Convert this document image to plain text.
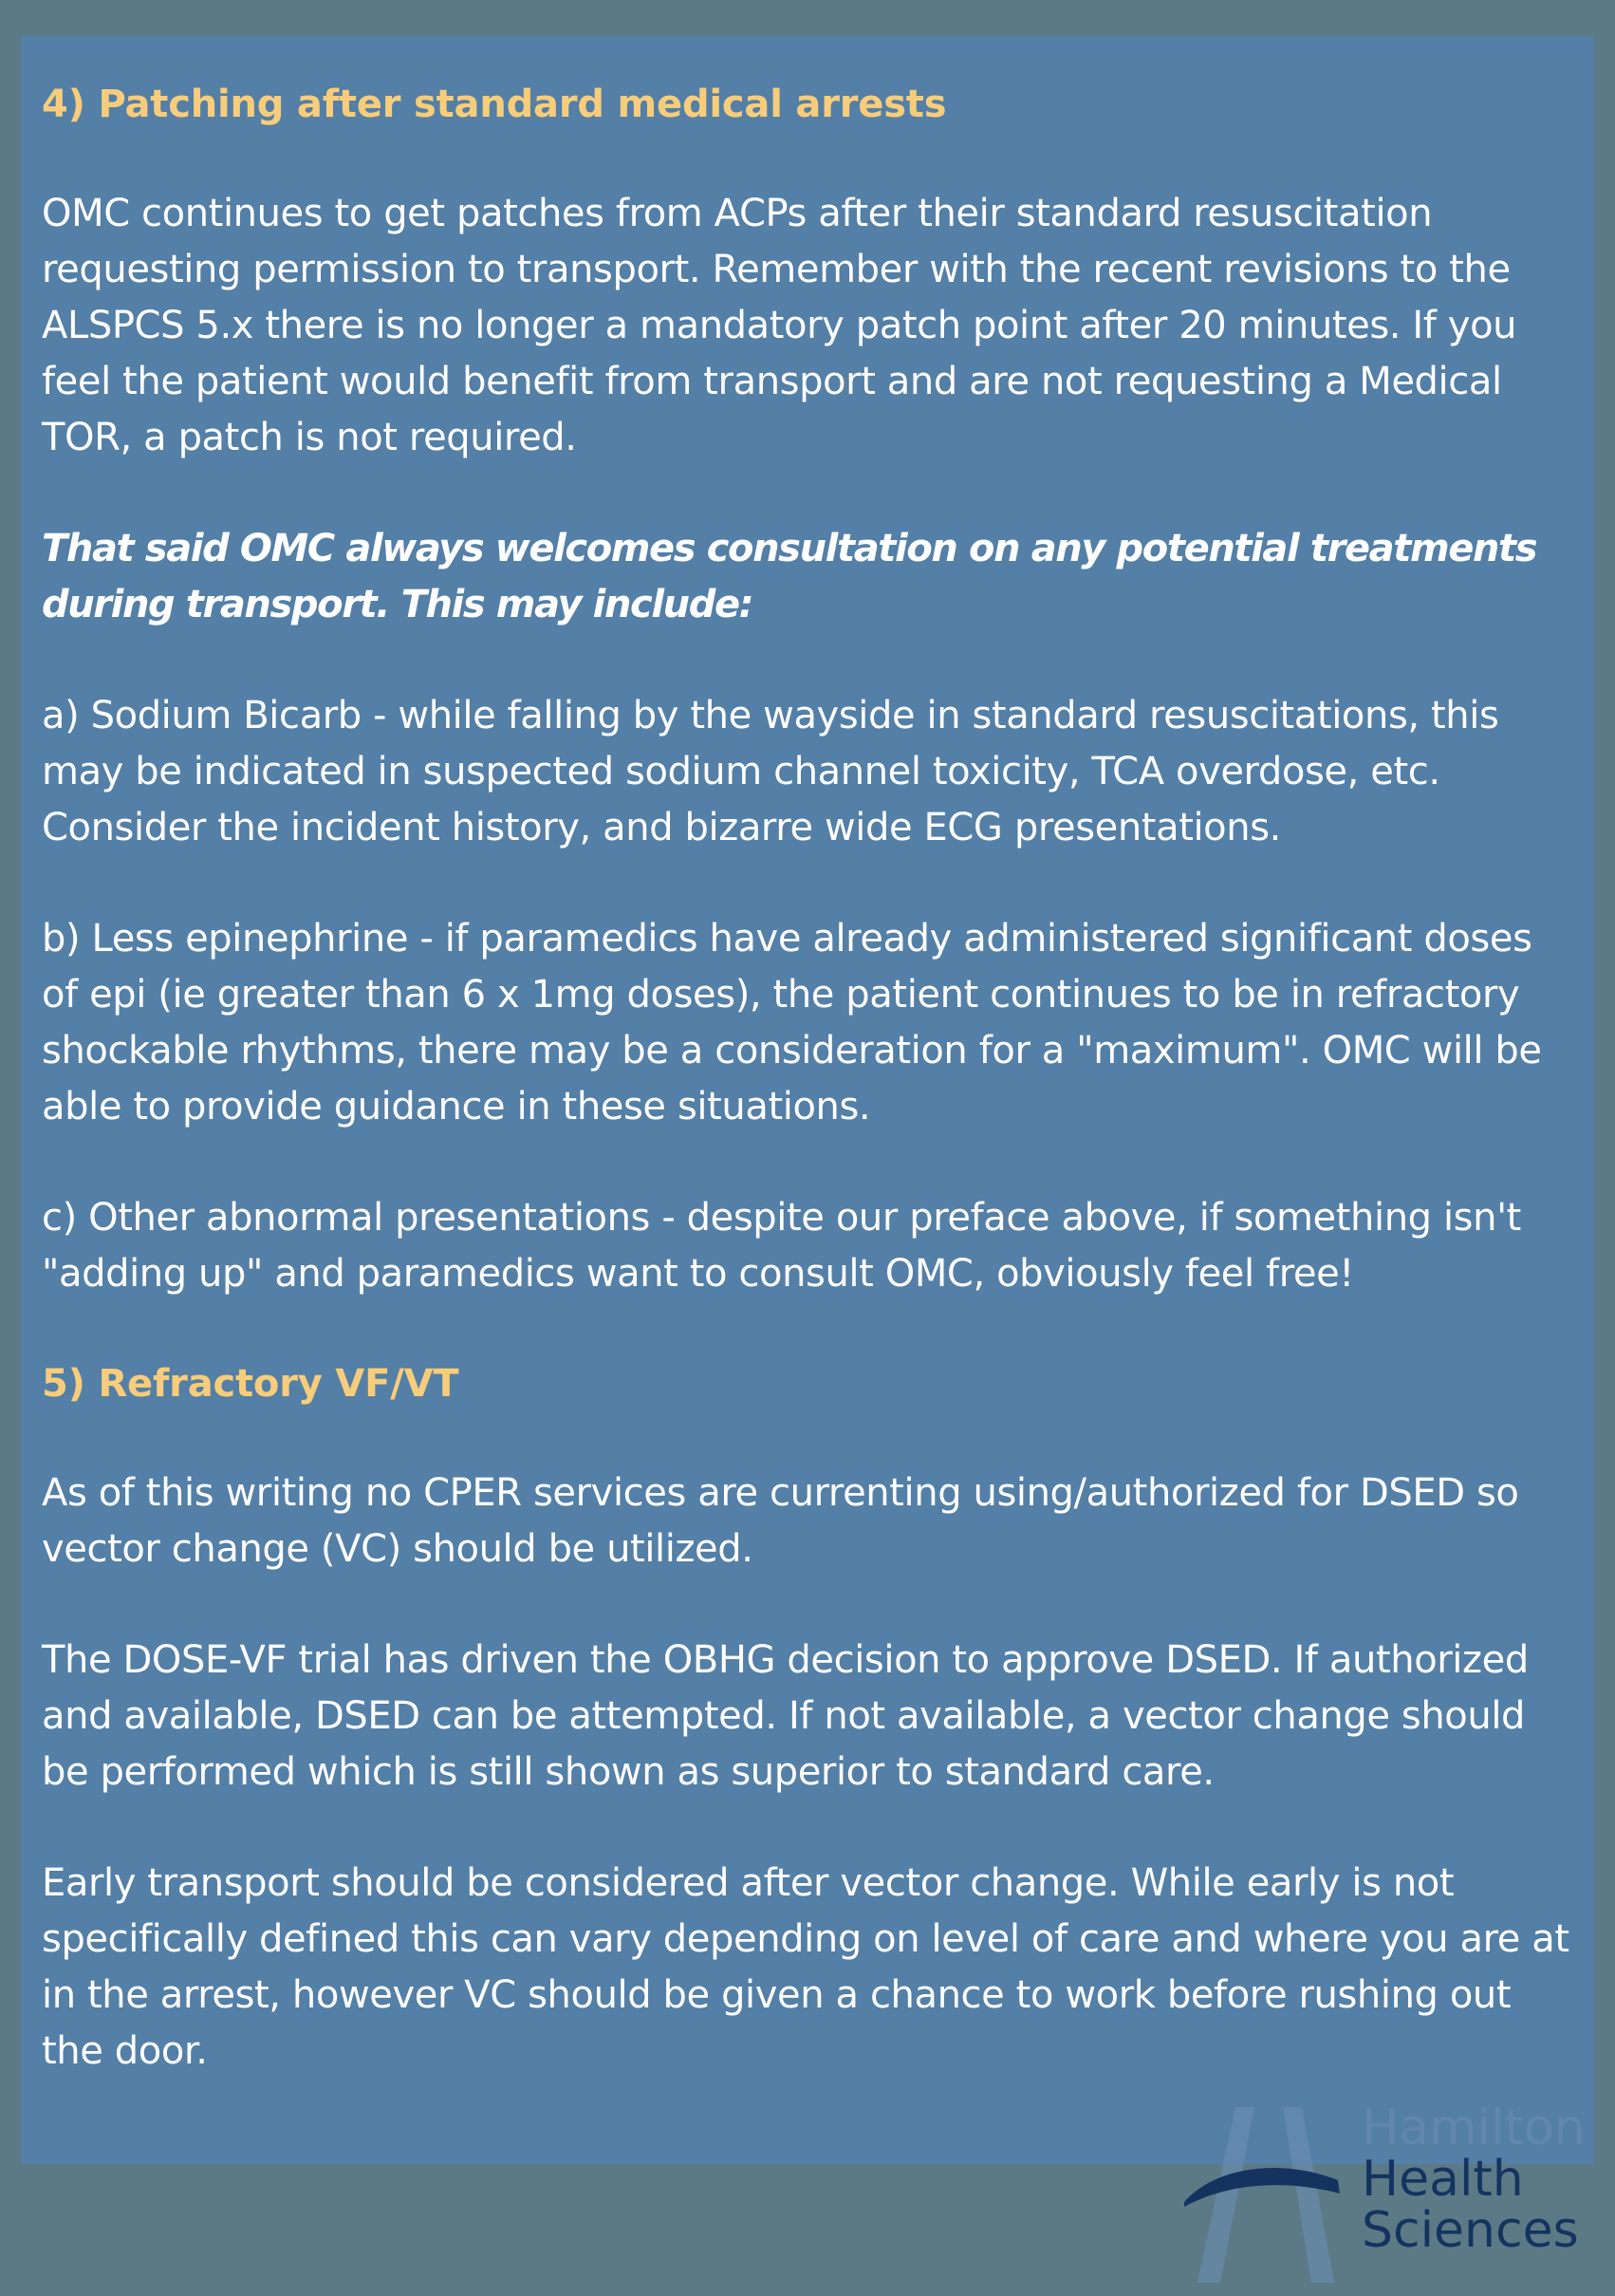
4) Patching after standard medical arrests

OMC continues to get patches from ACPs after their standard resuscitation requesting permission to transport. Remember with the recent revisions to the ALSPCS 5.x there is no longer a mandatory patch point after 20 minutes. If you feel the patient would benefit from transport and are not requesting a Medical TOR, a patch is not required.

That said OMC always welcomes consultation on any potential treatments during transport. This may include:

a) Sodium Bicarb - while falling by the wayside in standard resuscitations, this may be indicated in suspected sodium channel toxicity, TCA overdose, etc. Consider the incident history, and bizarre wide ECG presentations.

b) Less epinephrine - if paramedics have already administered significant doses of epi (ie greater than 6 x 1mg doses), the patient continues to be in refractory shockable rhythms, there may be a consideration for a "maximum". OMC will be able to provide guidance in these situations.

c) Other abnormal presentations - despite our preface above, if something isn't "adding up" and paramedics want to consult OMC, obviously feel free!

5) Refractory VF/VT

As of this writing no CPER services are currenting using/authorized for DSED so vector change (VC) should be utilized.

The DOSE-VF trial has driven the OBHG decision to approve DSED. If authorized and available, DSED can be attempted. If not available, a vector change should be performed which is still shown as superior to standard care.

Early transport should be considered after vector change. While early is not specifically defined this can vary depending on level of care and where you are at in the arrest, however VC should be given a chance to work before rushing out the door.

Hamilton
Health
Sciences
